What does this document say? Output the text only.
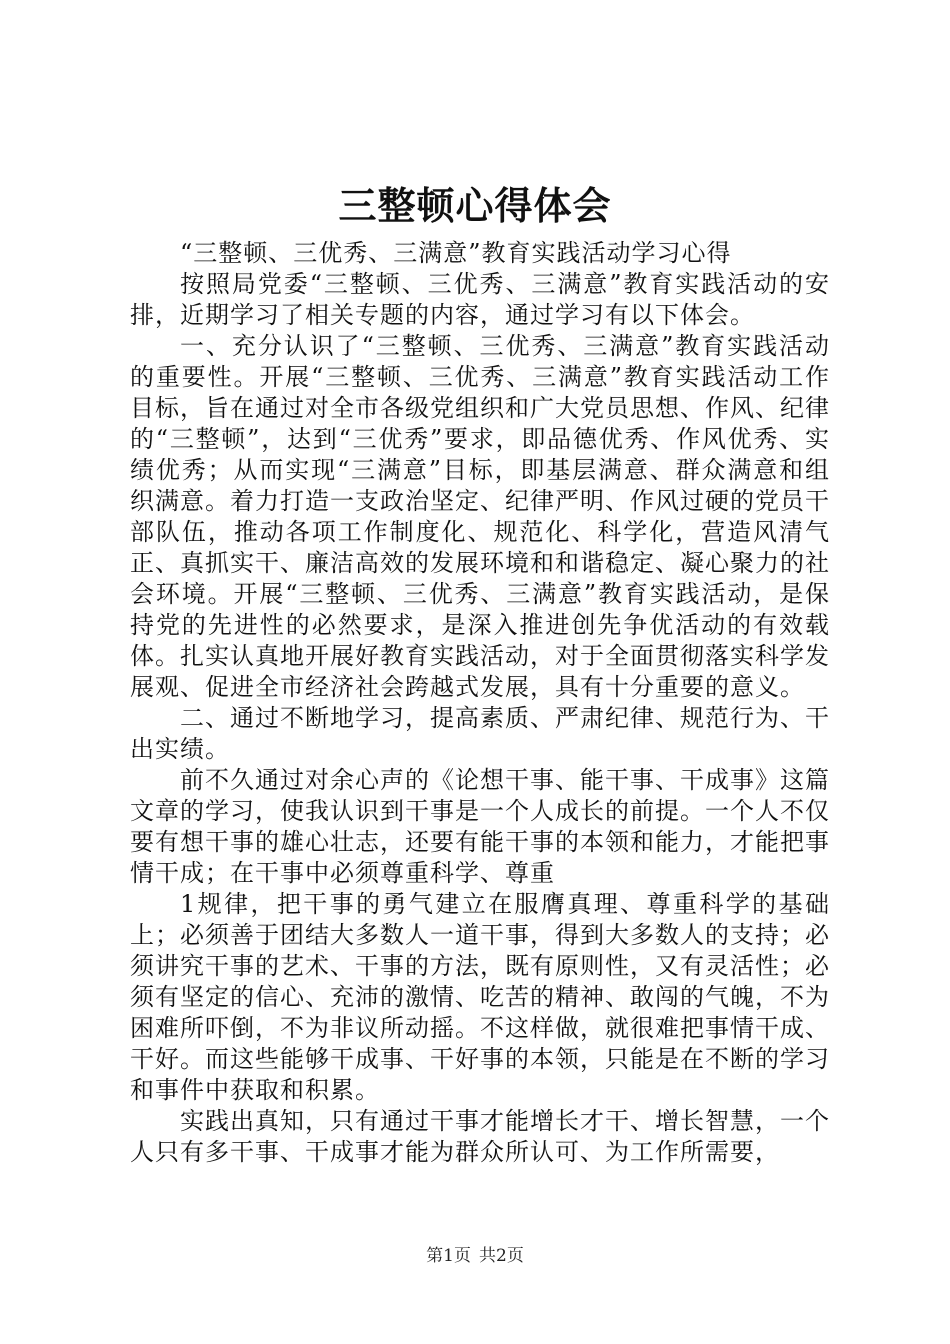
三整顿心得体会

“三整顿、三优秀、三满意”教育实践活动学习心得

按照局党委“三整顿、三优秀、三满意”教育实践活动的安排，近期学习了相关专题的内容，通过学习有以下体会。

一、充分认识了“三整顿、三优秀、三满意”教育实践活动的重要性。开展“三整顿、三优秀、三满意”教育实践活动工作目标，旨在通过对全市各级党组织和广大党员思想、作风、纪律的“三整顿”，达到“三优秀”要求，即品德优秀、作风优秀、实绩优秀；从而实现“三满意”目标，即基层满意、群众满意和组织满意。着力打造一支政治坚定、纪律严明、作风过硬的党员干部队伍，推动各项工作制度化、规范化、科学化，营造风清气正、真抓实干、廉洁高效的发展环境和和谐稳定、凝心聚力的社会环境。开展“三整顿、三优秀、三满意”教育实践活动，是保持党的先进性的必然要求，是深入推进创先争优活动的有效载体。扎实认真地开展好教育实践活动，对于全面贯彻落实科学发展观、促进全市经济社会跨越式发展，具有十分重要的意义。

二、通过不断地学习，提高素质、严肃纪律、规范行为、干出实绩。

前不久通过对余心声的《论想干事、能干事、干成事》这篇文章的学习，使我认识到干事是一个人成长的前提。一个人不仅要有想干事的雄心壮志，还要有能干事的本领和能力，才能把事情干成；在干事中必须尊重科学、尊重

1规律，把干事的勇气建立在服膺真理、尊重科学的基础上；必须善于团结大多数人一道干事，得到大多数人的支持；必须讲究干事的艺术、干事的方法，既有原则性，又有灵活性；必须有坚定的信心、充沛的激情、吃苦的精神、敢闯的气魄，不为困难所吓倒，不为非议所动摇。不这样做，就很难把事情干成、干好。而这些能够干成事、干好事的本领，只能是在不断的学习和事件中获取和积累。

实践出真知，只有通过干事才能增长才干、增长智慧，一个人只有多干事、干成事才能为群众所认可、为工作所需要，

第1页 共2页
